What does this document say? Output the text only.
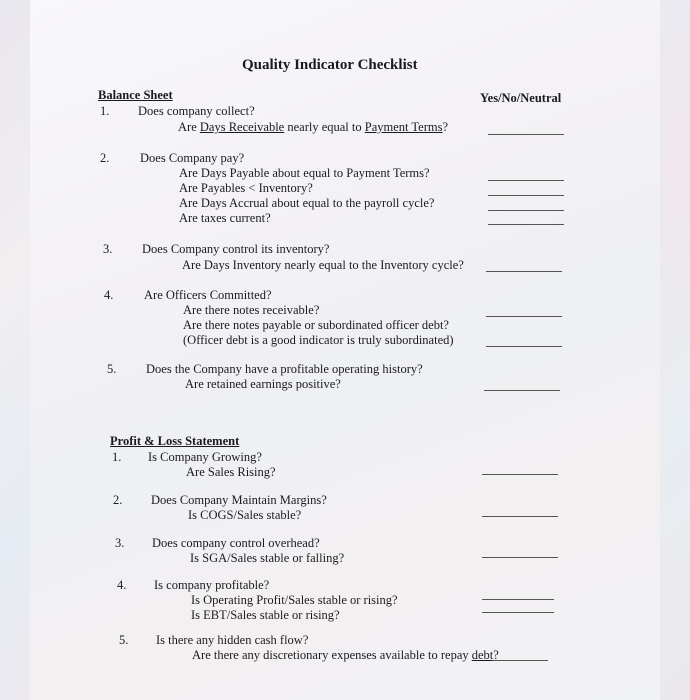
Quality Indicator Checklist
Balance Sheet	Yes/No/Neutral
1. Does company collect?
Are Days Receivable nearly equal to Payment Terms?
2. Does Company pay?
Are Days Payable about equal to Payment Terms?
Are Payables < Inventory?
Are Days Accrual about equal to the payroll cycle?
Are taxes current?
3. Does Company control its inventory?
Are Days Inventory nearly equal to the Inventory cycle?
4. Are Officers Committed?
Are there notes receivable?
Are there notes payable or subordinated officer debt?
(Officer debt is a good indicator is truly subordinated)
5. Does the Company have a profitable operating history?
Are retained earnings positive?
Profit & Loss Statement
1. Is Company Growing?
Are Sales Rising?
2. Does Company Maintain Margins?
Is COGS/Sales stable?
3. Does company control overhead?
Is SGA/Sales stable or falling?
4. Is company profitable?
Is Operating Profit/Sales stable or rising?
Is EBT/Sales stable or rising?
5. Is there any hidden cash flow?
Are there any discretionary expenses available to repay debt?
